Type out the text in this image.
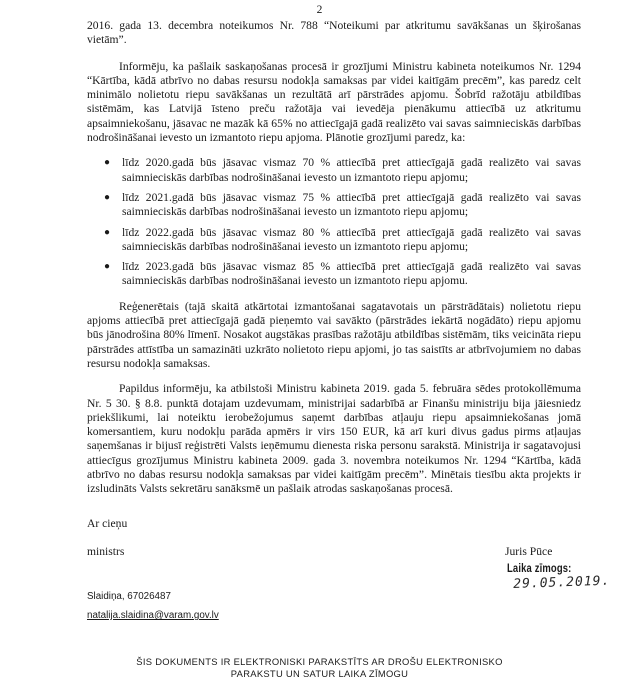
2

2016. gada 13. decembra noteikumos Nr. 788 “Noteikumi par atkritumu savākšanas un šķirošanas vietām”.

Informēju, ka pašlaik saskaņošanas procesā ir grozījumi Ministru kabineta noteikumos Nr. 1294 “Kārtība, kādā atbrīvo no dabas resursu nodokļa samaksas par videi kaitīgām precēm”, kas paredz celt minimālo nolietotu riepu savākšanas un rezultātā arī pārstrādes apjomu. Šobrīd ražotāju atbildības sistēmām, kas Latvijā īsteno preču ražotāja vai ievedēja pienākumu attiecībā uz atkritumu apsaimniekošanu, jāsavac ne mazāk kā 65% no attiecīgajā gadā realizēto vai savas saimnieciskās darbības nodrošināšanai ievesto un izmantoto riepu apjoma. Plānotie grozījumi paredz, ka:

● līdz 2020.gadā būs jāsavac vismaz 70 % attiecībā pret attiecīgajā gadā realizēto vai savas saimnieciskās darbības nodrošināšanai ievesto un izmantoto riepu apjomu;
● līdz 2021.gadā būs jāsavac vismaz 75 % attiecībā pret attiecīgajā gadā realizēto vai savas saimnieciskās darbības nodrošināšanai ievesto un izmantoto riepu apjomu;
● līdz 2022.gadā būs jāsavac vismaz 80 % attiecībā pret attiecīgajā gadā realizēto vai savas saimnieciskās darbības nodrošināšanai ievesto un izmantoto riepu apjomu;
● līdz 2023.gadā būs jāsavac vismaz 85 % attiecībā pret attiecīgajā gadā realizēto vai savas saimnieciskās darbības nodrošināšanai ievesto un izmantoto riepu apjomu.

Reģenerētais (tajā skaitā atkārtotai izmantošanai sagatavotais un pārstrādātais) nolietotu riepu apjoms attiecībā pret attiecīgajā gadā pieņemto vai savākto (pārstrādes iekārtā nogādāto) riepu apjomu būs jānodrošina 80% līmenī. Nosakot augstākas prasības ražotāju atbildības sistēmām, tiks veicināta riepu pārstrādes attīstība un samazināti uzkrāto nolietoto riepu apjomi, jo tas saistīts ar atbrīvojumiem no dabas resursu nodokļa samaksas.

Papildus informēju, ka atbilstoši Ministru kabineta 2019. gada 5. februāra sēdes protokollēmuma Nr. 5 30. § 8.8. punktā dotajam uzdevumam, ministrijai sadarbībā ar Finanšu ministriju bija jāiesniedz priekšlikumi, lai noteiktu ierobežojumus saņemt darbības atļauju riepu apsaimniekošanas jomā komersantiem, kuru nodokļu parāda apmērs ir virs 150 EUR, kā arī kuri divus gadus pirms atļaujas saņemšanas ir bijusī reģistrēti Valsts ieņēmumu dienesta riska personu sarakstā. Ministrija ir sagatavojusi attiecīgus grozījumus Ministru kabineta 2009. gada 3. novembra noteikumos Nr. 1294 “Kārtība, kādā atbrīvo no dabas resursu nodokļa samaksas par videi kaitīgām precēm”. Minētais tiesību akta projekts ir izsludināts Valsts sekretāru sanāksmē un pašlaik atrodas saskaņošanas procesā.

Ar cieņu
ministrs	Juris Pūce
Laika zīmogs:
29.05.2019.
Slaidiņa, 67026487
natalija.slaidina@varam.gov.lv
ŠIS DOKUMENTS IR ELEKTRONISKI PARAKSTĪTS AR DROŠU ELEKTRONISKO
PARAKSTU UN SATUR LAIKA ZĪMOGU
